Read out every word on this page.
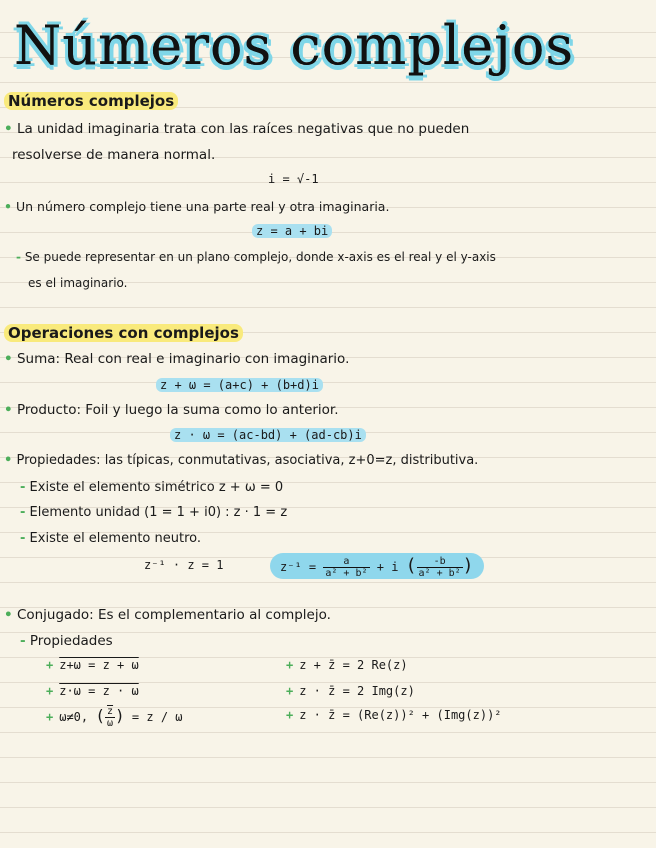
Números complejos
Números complejos
• La unidad imaginaria trata con las raíces negativas que no pueden
resolverse de manera normal.
i = √-1
• Un número complejo tiene una parte real y otra imaginaria.
z = a + bi
- Se puede representar en un plano complejo, donde x-axis es el real y el y-axis
es el imaginario.
Operaciones con complejos
• Suma: Real con real e imaginario con imaginario.
z + ω = (a+c) + (b+d)i
• Producto: Foil y luego la suma como lo anterior.
z · ω = (ac-bd) + (ad-cb)i
• Propiedades: las típicas, conmutativas, asociativa, z+0=z, distributiva.
- Existe el elemento simétrico z + ω = 0
- Elemento unidad (1 = 1 + i0) : z · 1 = z
- Existe el elemento neutro.
z⁻¹ · z = 1	$z^{-1} = \frac{a}{\text{a² + b²}} + i$ ( $\frac{-b}{\text{a² + b²}}$ )
• Conjugado: Es el complementario al complejo.
- Propiedades
+ z+ω = z + ω
+ z·ω = z · ω
+ ω≠0, ( $\frac{z}{\omega}$ ) = z / ω
+ z + z̄ = 2 Re(z)
+ z · z̄ = 2 Img(z)
+ z · z̄ = (Re(z))² + (Img(z))²
